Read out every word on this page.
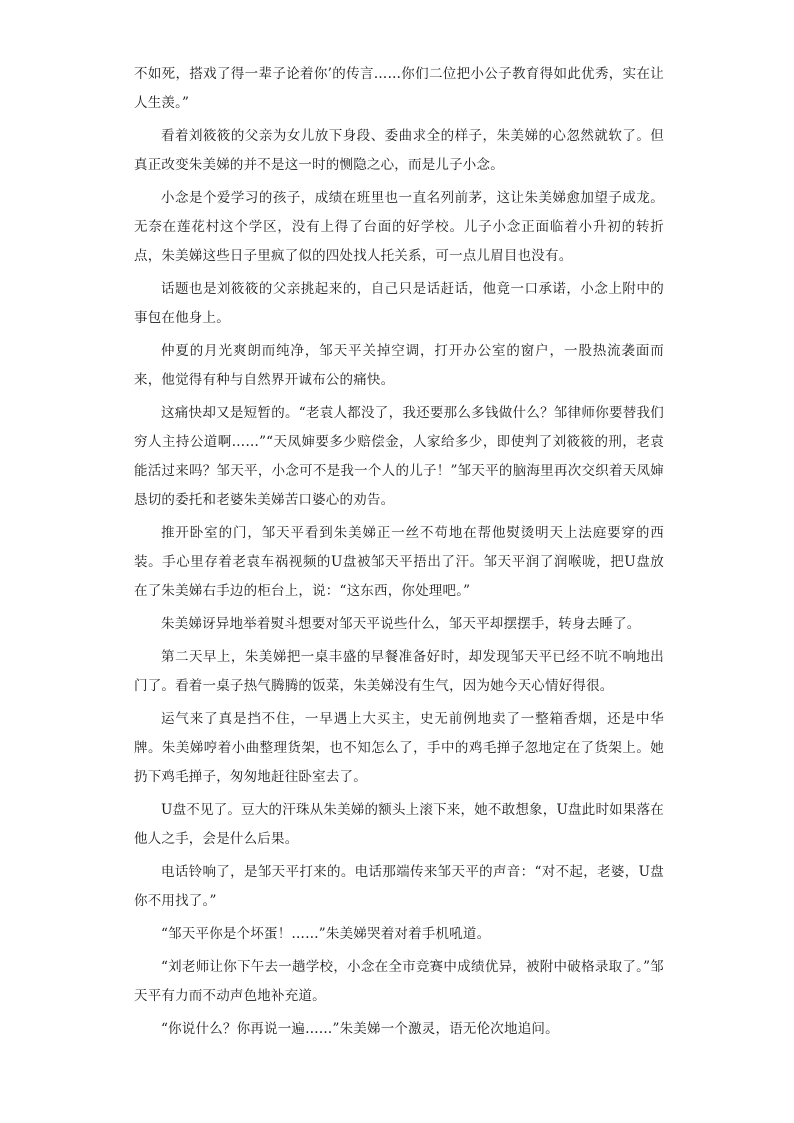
不如死，搭戏了得一辈子论着你’的传言……你们二位把小公子教育得如此优秀，实在让人生羡。”

看着刘筱筱的父亲为女儿放下身段、委曲求全的样子，朱美娣的心忽然就软了。但真正改变朱美娣的并不是这一时的恻隐之心，而是儿子小念。

小念是个爱学习的孩子，成绩在班里也一直名列前茅，这让朱美娣愈加望子成龙。无奈在莲花村这个学区，没有上得了台面的好学校。儿子小念正面临着小升初的转折点，朱美娣这些日子里疯了似的四处找人托关系，可一点儿眉目也没有。

话题也是刘筱筱的父亲挑起来的，自己只是话赶话，他竟一口承诺，小念上附中的事包在他身上。

仲夏的月光爽朗而纯净，邹天平关掉空调，打开办公室的窗户，一股热流袭面而来，他觉得有种与自然界开诚布公的痛快。

这痛快却又是短暂的。“老袁人都没了，我还要那么多钱做什么？邹律师你要替我们穷人主持公道啊……”“天凤婶要多少赔偿金，人家给多少，即使判了刘筱筱的刑，老袁能活过来吗？邹天平，小念可不是我一个人的儿子！”邹天平的脑海里再次交织着天凤婶恳切的委托和老婆朱美娣苦口婆心的劝告。

推开卧室的门，邹天平看到朱美娣正一丝不苟地在帮他熨烫明天上法庭要穿的西装。手心里存着老袁车祸视频的U盘被邹天平捂出了汗。邹天平润了润喉咙，把U盘放在了朱美娣右手边的柜台上，说：“这东西，你处理吧。”

朱美娣讶异地举着熨斗想要对邹天平说些什么，邹天平却摆摆手，转身去睡了。

第二天早上，朱美娣把一桌丰盛的早餐准备好时，却发现邹天平已经不吭不响地出门了。看着一桌子热气腾腾的饭菜，朱美娣没有生气，因为她今天心情好得很。

运气来了真是挡不住，一早遇上大买主，史无前例地卖了一整箱香烟，还是中华牌。朱美娣哼着小曲整理货架，也不知怎么了，手中的鸡毛掸子忽地定在了货架上。她扔下鸡毛掸子，匆匆地赶往卧室去了。

U盘不见了。豆大的汗珠从朱美娣的额头上滚下来，她不敢想象，U盘此时如果落在他人之手，会是什么后果。

电话铃响了，是邹天平打来的。电话那端传来邹天平的声音：“对不起，老婆，U盘你不用找了。”

“邹天平你是个坏蛋！……”朱美娣哭着对着手机吼道。

“刘老师让你下午去一趟学校，小念在全市竞赛中成绩优异，被附中破格录取了。”邹天平有力而不动声色地补充道。

“你说什么？你再说一遍……”朱美娣一个激灵，语无伦次地追问。
